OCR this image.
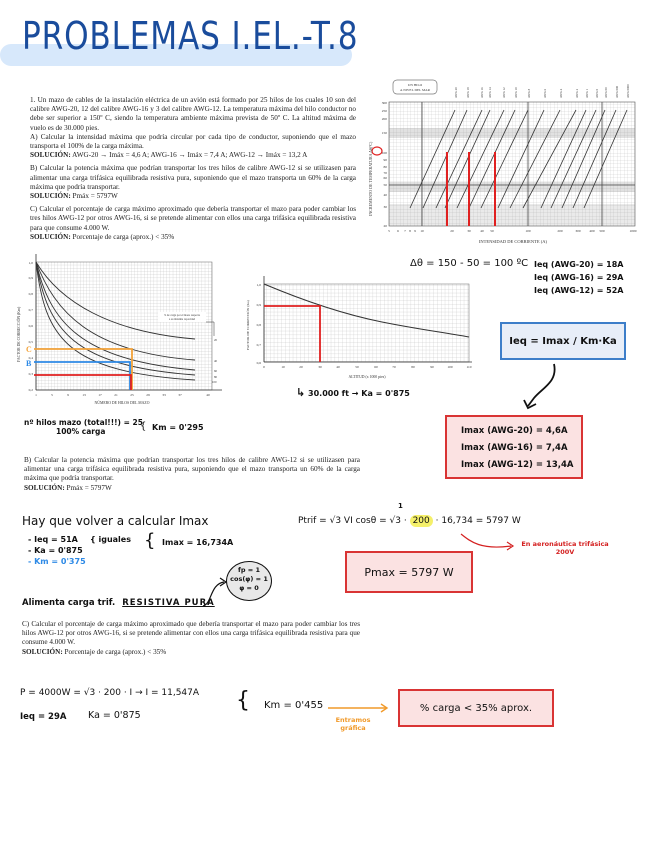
PROBLEMAS I.EL.-T.8
1. Un mazo de cables de la instalación eléctrica de un avión está formado por 25 hilos de los cuales 10 son del calibre AWG-20, 12 del calibre AWG-16 y 3 del calibre AWG-12. La temperatura máxima del hilo conductor no debe ser superior a 150º C, siendo la temperatura ambiente máxima prevista de 50º C. La altitud máxima de vuelo es de 30.000 pies.
A) Calcular la intensidad máxima que podría circular por cada tipo de conductor, suponiendo que el mazo transporta el 100% de la carga máxima.
SOLUCIÓN: AWG-20 → Imáx = 4,6 A; AWG-16 → Imáx = 7,4 A; AWG-12 → Imáx = 13,2 A
B) Calcular la potencia máxima que podrían transportar los tres hilos de calibre AWG-12 si se utilizasen para alimentar una carga trifásica equilibrada resistiva pura, suponiendo que el mazo transporta un 60% de la carga máxima que podría transportar.
SOLUCIÓN: Pmáx = 5797W
C) Calcular el porcentaje de carga máximo aproximado que debería transportar el mazo para poder cambiar los tres hilos AWG-12 por otros AWG-16, si se pretende alimentar con ellos una carga trifásica equilibrada resistiva para que consume 4.000 W.
SOLUCIÓN: Porcentaje de carga (aprox.) < 35%
UN HILO
A NIVEL DEL MAR	AWG 20	AWG 18	AWG 16 AWG 14	AWG 12	AWG 10	AWG 8	AWG 6	AWG 4	AWG 2 AWG 1 AWG 0 AWG 00 AWG 000 AWG 0000
300
250
200
150
100
90
80
70
60
50
40
30
20
5 6 7 8 9 10	20	30	40 50	100	200	300	400 500	1000
INTENSIDAD DE CORRIENTE (A)
INCREMENTO DE TEMPERATURA Δθ(ºC)
% de carga por el mazo respecto
a su máxima capacidad
20
40
60
80
100
C
B
1,0
0,9
0,8
0,7
0,6
0,5
0,4
0,3
0,2
1	5	9	13	17	21	25	29	33	37	40
NÚMERO DE HILOS DEL MAZO
FACTOR DE CORRECCIÓN (Km)
1,0
0,9
0,8
0,7
0,6
0	10	20	30	40	50	60	70	80	90	100	110
ALTITUD (x 1000 pies)
FACTOR DE CORRECCIÓN (Ka)
↳ 30.000 ft → Ka = 0'875
Δθ = 150 - 50 = 100 ºC Ieq (AWG-20) = 18A
Ieq (AWG-16) = 29A
Ieq (AWG-12) = 52A
Ieq = Imax / Km·Ka
Imax (AWG-20) = 4,6A
Imax (AWG-16) = 7,4A
Imax (AWG-12) = 13,4A
nº hilos mazo (total!!!) = 25
100% carga	{ Km = 0'295
B) Calcular la potencia máxima que podrían transportar los tres hilos de calibre AWG-12 si se utilizasen para alimentar una carga trifásica equilibrada resistiva pura, suponiendo que el mazo transporta un 60% de la carga máxima que podría transportar.
SOLUCIÓN: Pmáx = 5797W
Hay que volver a calcular Imax
- Ieq = 51A
- Ka = 0'875
- Km = 0'375
{ iguales { Imax = 16,734A
Alimenta carga trif. RESISTIVA PURA
fp = 1
cos(φ) = 1
φ = 0
Ptrif = √3 VI cosθ = √3 · 200 · 16,734 = 5797 W
1
En aeronáutica trifásica 200V
Pmax = 5797 W
C) Calcular el porcentaje de carga máximo aproximado que debería transportar el mazo para poder cambiar los tres hilos AWG-12 por otros AWG-16, si se pretende alimentar con ellos una carga trifásica equilibrada resistiva para que consume 4.000 W.
SOLUCIÓN: Porcentaje de carga (aprox.) < 35%
P = 4000W = √3 · 200 · I → I = 11,547A
Ieq = 29A Ka = 0'875
{ Km = 0'455
Entramos gráfica
% carga < 35% aprox.
